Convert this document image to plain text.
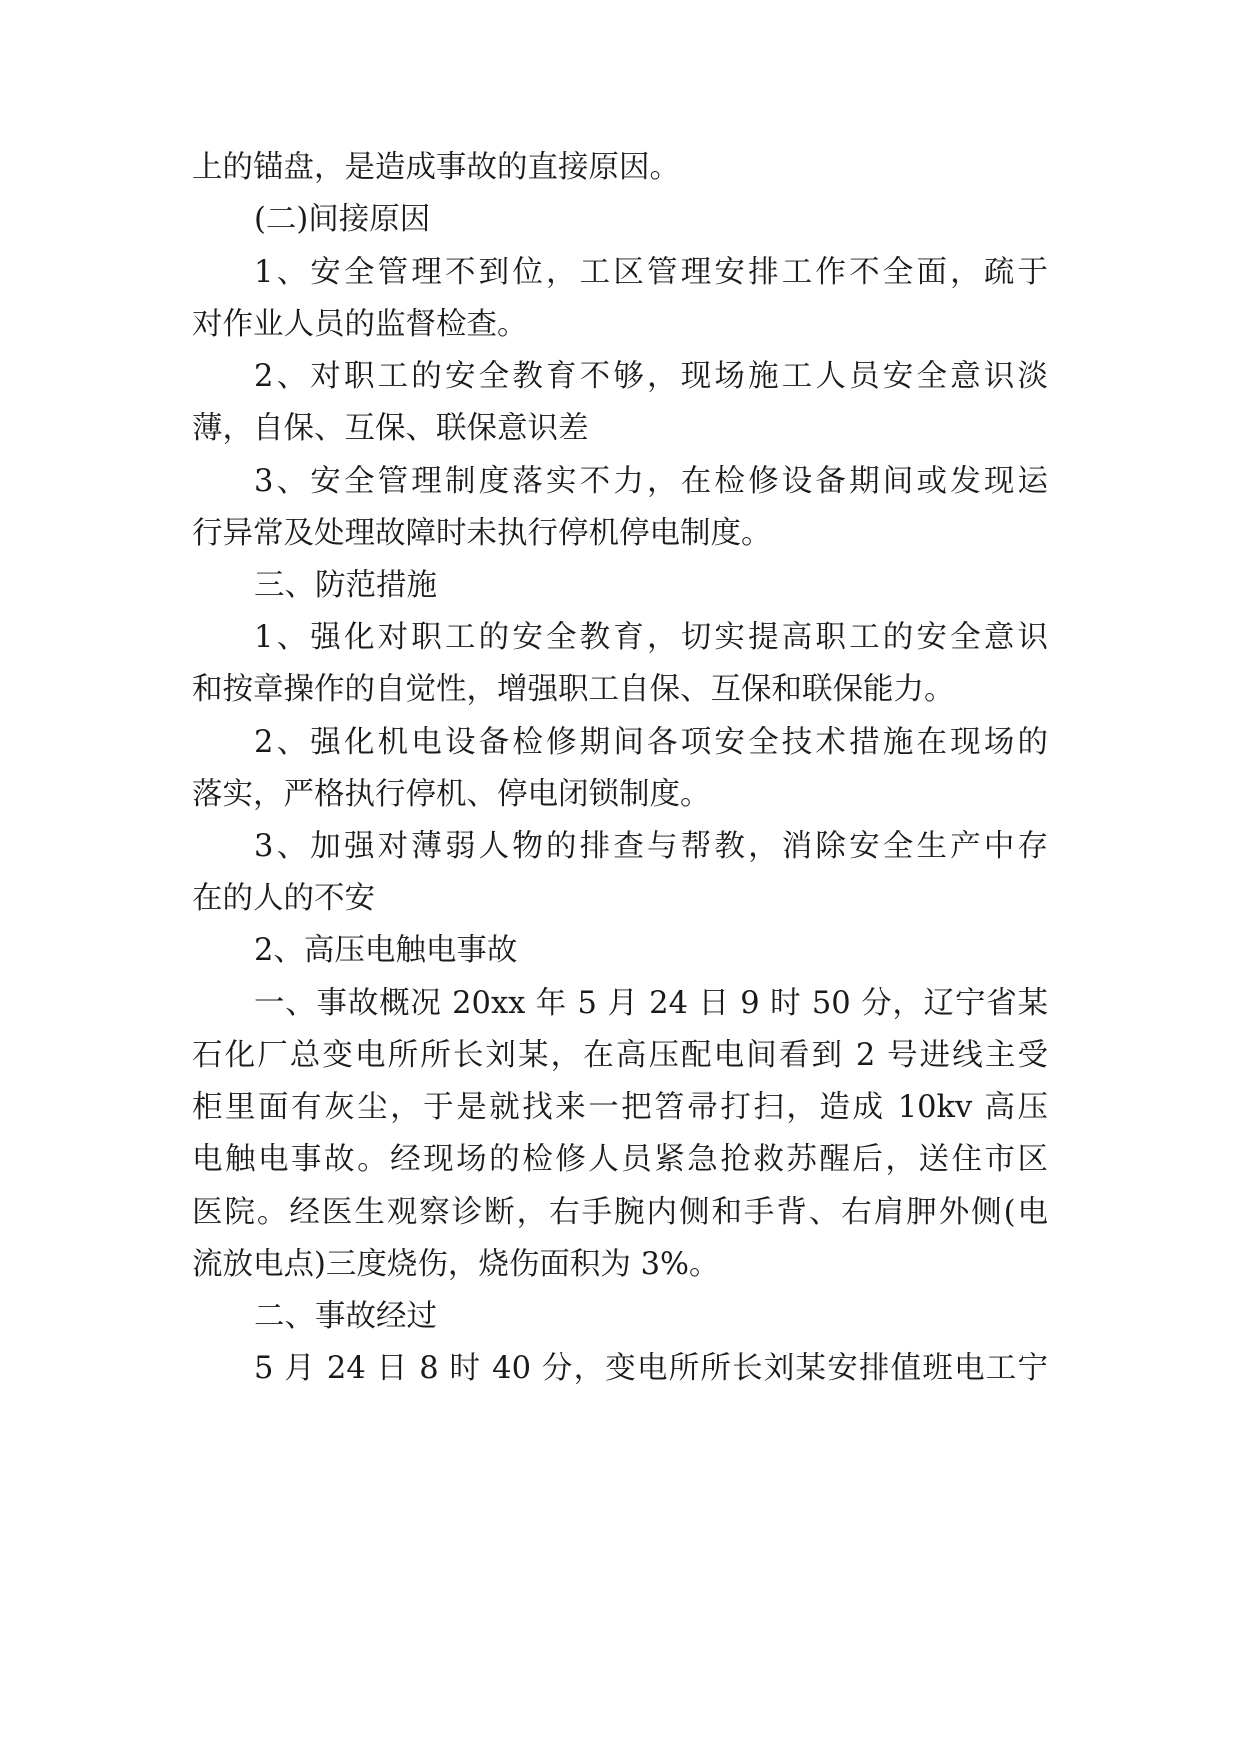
上的锚盘，是造成事故的直接原因。
(二)间接原因
1、安全管理不到位，工区管理安排工作不全面，疏于
对作业人员的监督检查。
2、对职工的安全教育不够，现场施工人员安全意识淡
薄，自保、互保、联保意识差
3、安全管理制度落实不力，在检修设备期间或发现运
行异常及处理故障时未执行停机停电制度。
三、防范措施
1、强化对职工的安全教育，切实提高职工的安全意识
和按章操作的自觉性，增强职工自保、互保和联保能力。
2、强化机电设备检修期间各项安全技术措施在现场的
落实，严格执行停机、停电闭锁制度。
3、加强对薄弱人物的排查与帮教，消除安全生产中存
在的人的不安
2、高压电触电事故
一、事故概况 20xx 年 5 月 24 日 9 时 50 分，辽宁省某
石化厂总变电所所长刘某，在高压配电间看到 2 号进线主受
柜里面有灰尘，于是就找来一把笤帚打扫，造成 10kv 高压
电触电事故。经现场的检修人员紧急抢救苏醒后，送住市区
医院。经医生观察诊断，右手腕内侧和手背、右肩胛外侧(电
流放电点)三度烧伤，烧伤面积为 3%。
二、事故经过
5 月 24 日 8 时 40 分，变电所所长刘某安排值班电工宁
